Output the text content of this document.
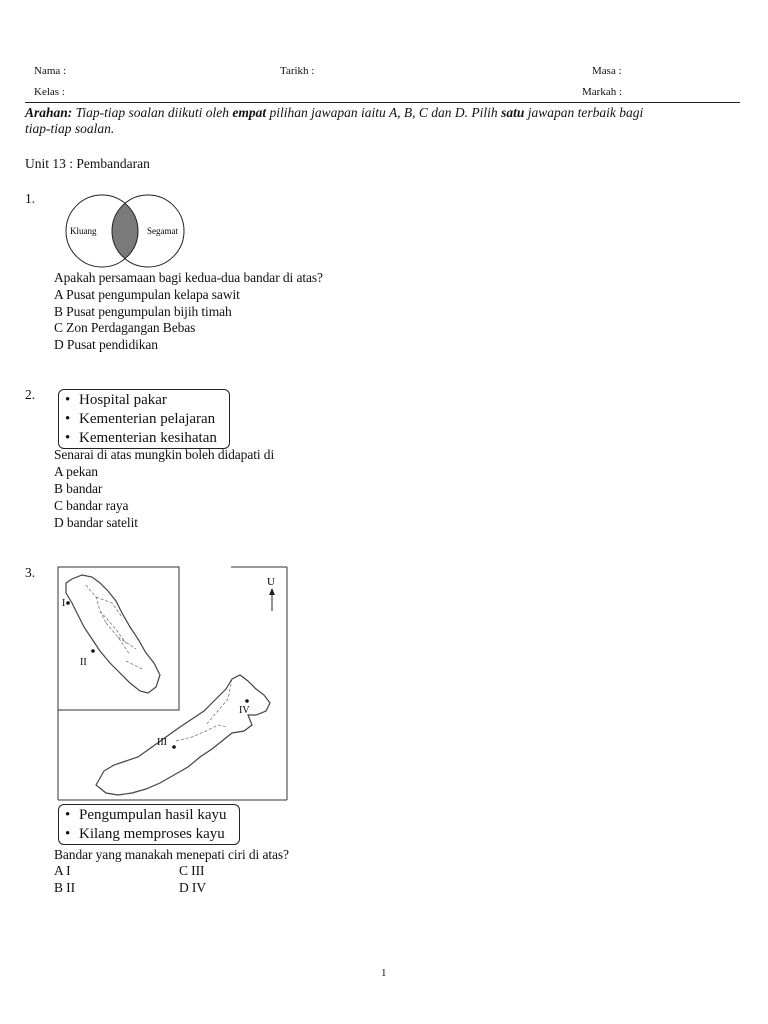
Nama :	Tarikh :	Masa :
Kelas :	Markah :
Arahan: Tiap-tiap soalan diikuti oleh empat pilihan jawapan iaitu A, B, C dan D. Pilih satu jawapan terbaik bagi
tiap-tiap soalan.
Unit 13 : Pembandaran
1.
Kluang	Segamat
Apakah persamaan bagi kedua-dua bandar di atas?
A Pusat pengumpulan kelapa sawit
B Pusat pengumpulan bijih timah
C Zon Perdagangan Bebas
D Pusat pendidikan
2. • Hospital pakar
• Kementerian pelajaran
• Kementerian kesihatan
Senarai di atas mungkin boleh didapati di
A pekan
B bandar
C bandar raya
D bandar satelit
3.
I
II
U
III
IV
• Pengumpulan hasil kayu
• Kilang memproses kayu
Bandar yang manakah menepati ciri di atas?
A I	C III
B II	D IV
1
